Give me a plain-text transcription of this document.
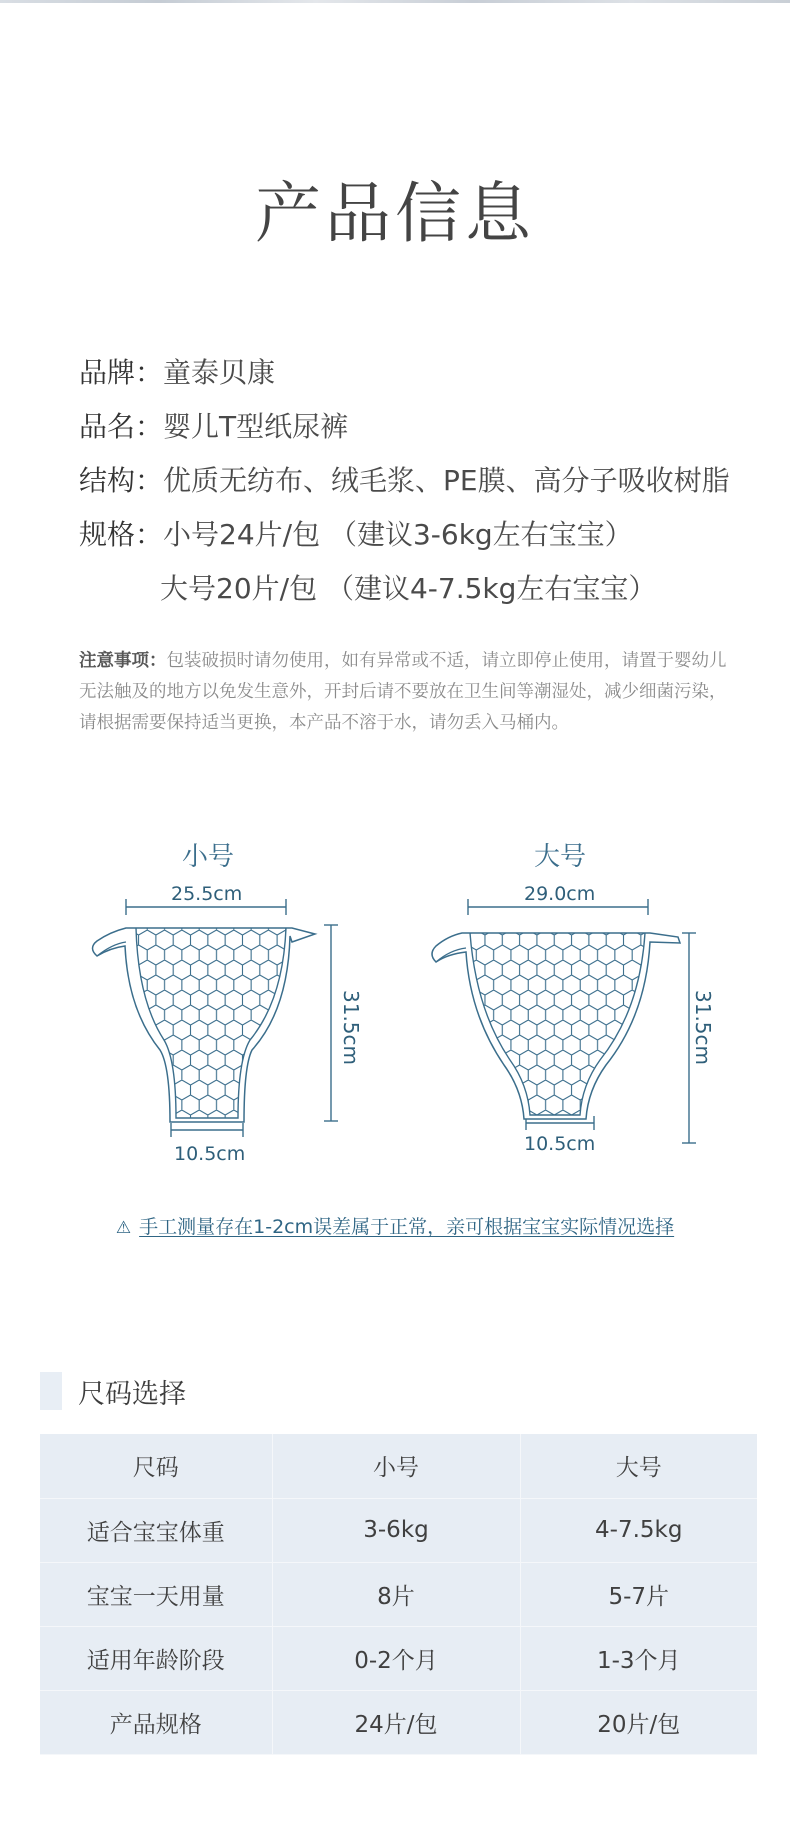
产品信息
品牌： 童泰贝康
品名： 婴儿T型纸尿裤
结构： 优质无纺布、绒毛浆、PE膜、高分子吸收树脂
规格： 小号24片/包 （建议3-6kg左右宝宝）
大号20片/包 （建议4-7.5kg左右宝宝）

注意事项：包装破损时请勿使用，如有异常或不适，请立即停止使用，请置于婴幼儿无法触及的地方以免发生意外，开封后请不要放在卫生间等潮湿处，减少细菌污染，请根据需要保持适当更换，本产品不溶于水，请勿丢入马桶内。

小号	大号
25.5cm
10.5cm
31.5cm
29.0cm
10.5cm
31.5cm
⚠ 手工测量存在1-2cm误差属于正常，亲可根据宝宝实际情况选择
尺码选择
尺码	小号	大号
适合宝宝体重	3-6kg	4-7.5kg
宝宝一天用量	8片	5-7片
适用年龄阶段	0-2个月	1-3个月
产品规格	24片/包	20片/包
